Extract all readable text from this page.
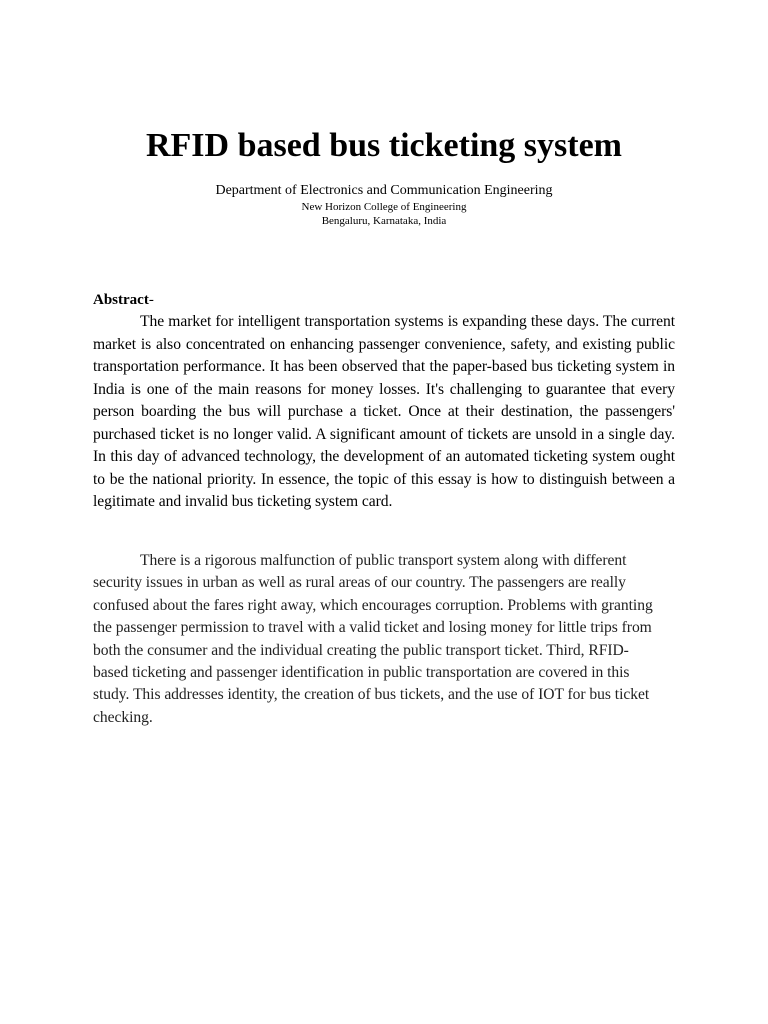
RFID based bus ticketing system

Department of Electronics and Communication Engineering

New Horizon College of Engineering

Bengaluru, Karnataka, India

Abstract-

The market for intelligent transportation systems is expanding these days. The current market is also concentrated on enhancing passenger convenience, safety, and existing public transportation performance. It has been observed that the paper-based bus ticketing system in India is one of the main reasons for money losses. It's challenging to guarantee that every person boarding the bus will purchase a ticket. Once at their destination, the passengers' purchased ticket is no longer valid. A significant amount of tickets are unsold in a single day. In this day of advanced technology, the development of an automated ticketing system ought to be the national priority. In essence, the topic of this essay is how to distinguish between a legitimate and invalid bus ticketing system card.

There is a rigorous malfunction of public transport system along with different security issues in urban as well as rural areas of our country. The passengers are really confused about the fares right away, which encourages corruption. Problems with granting the passenger permission to travel with a valid ticket and losing money for little trips from both the consumer and the individual creating the public transport ticket. Third, RFID-based ticketing and passenger identification in public transportation are covered in this study. This addresses identity, the creation of bus tickets, and the use of IOT for bus ticket checking.
